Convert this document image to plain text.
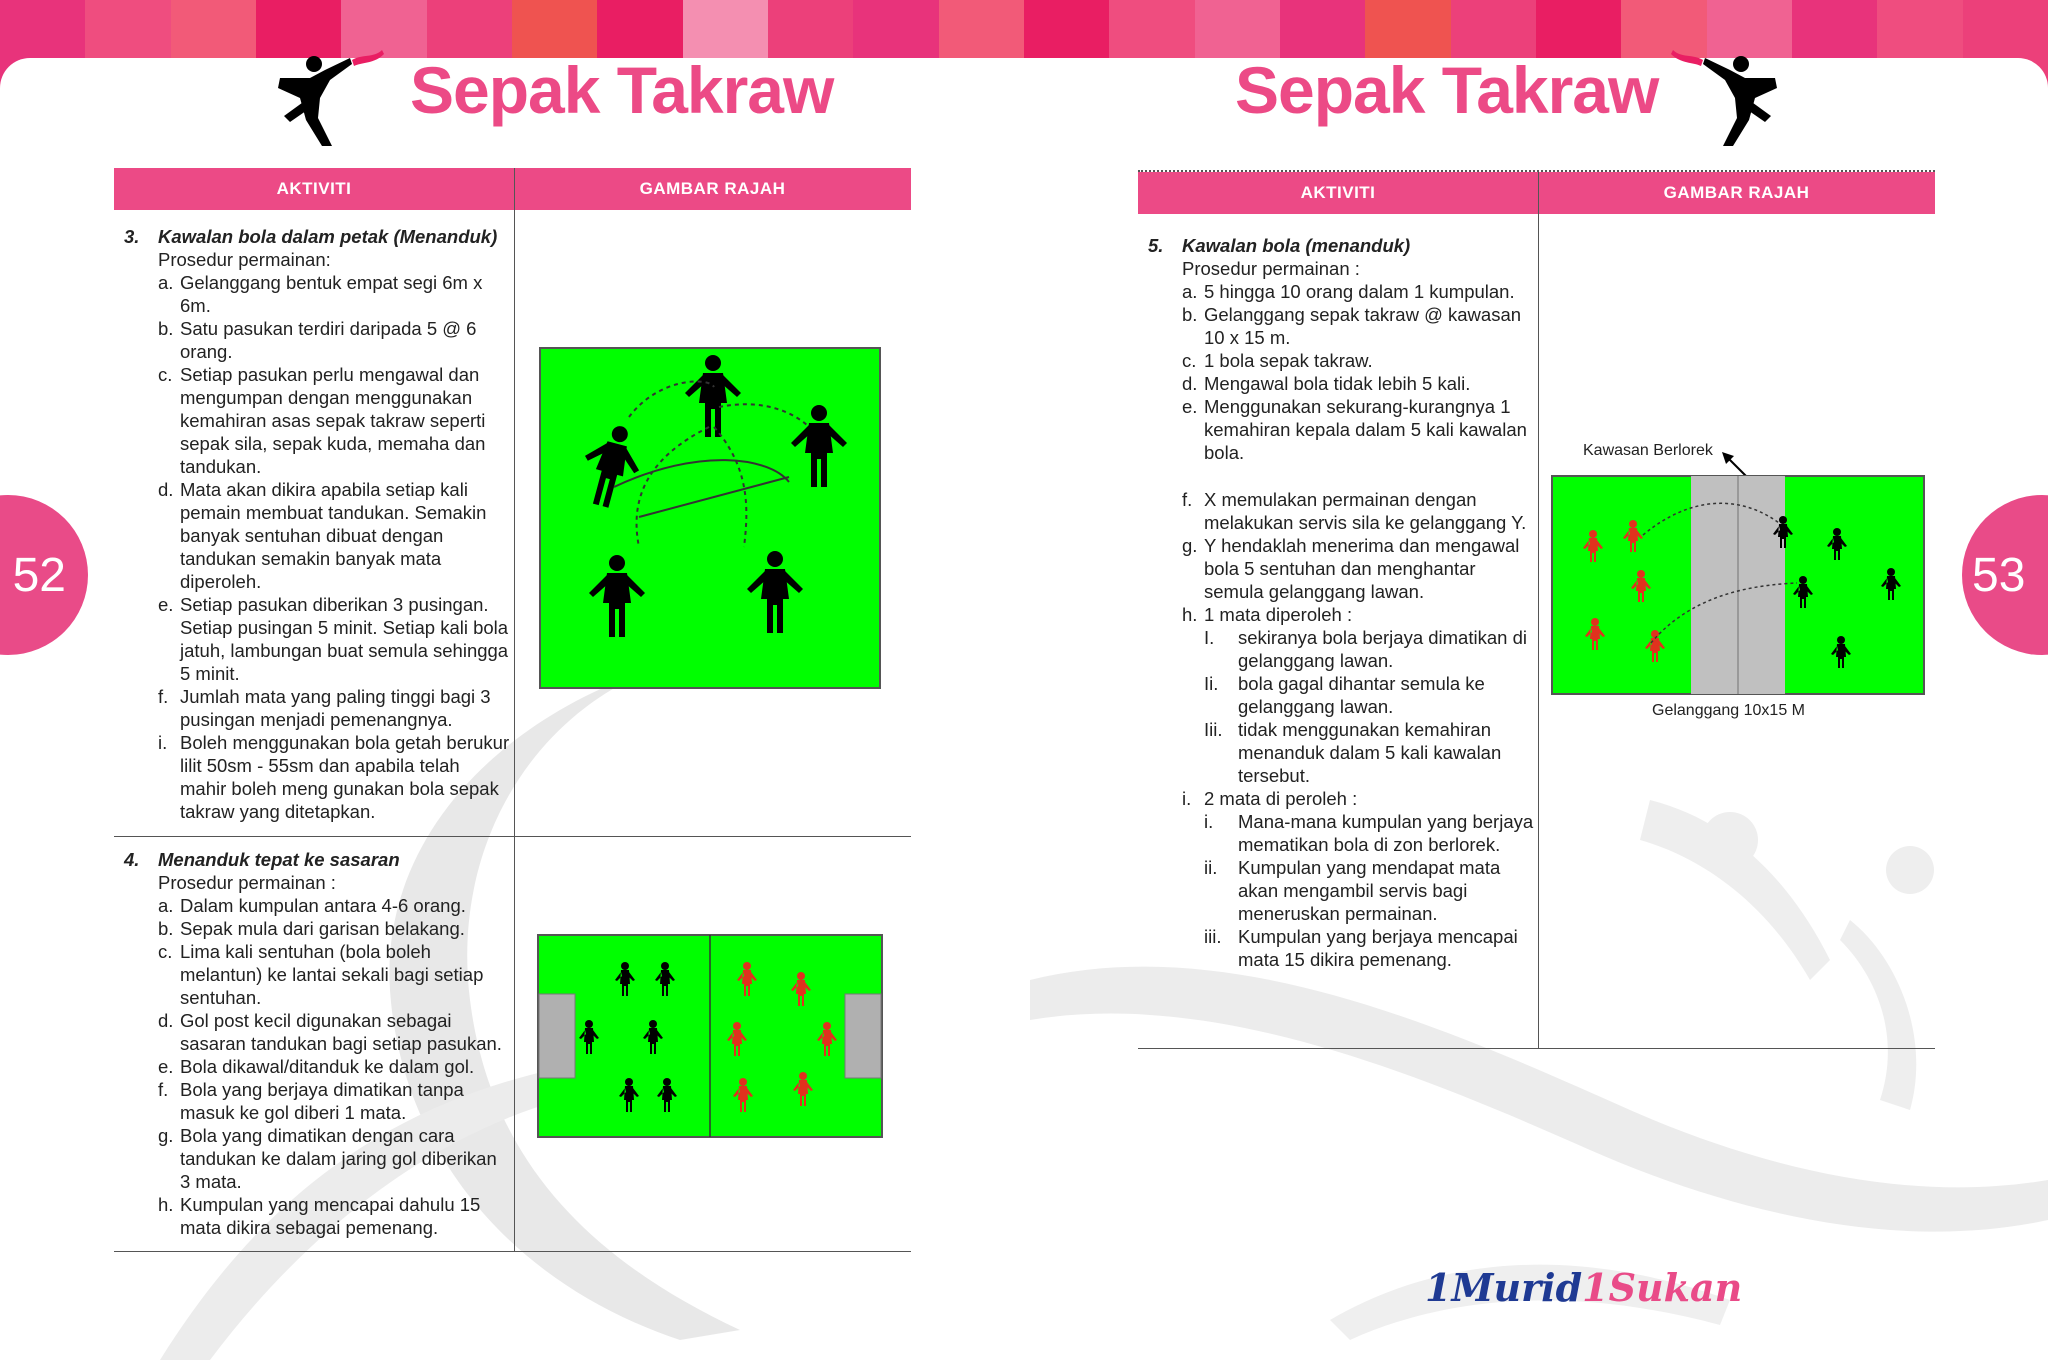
Sepak Takraw	Sepak Takraw
52	53
AKTIVITI	GAMBAR RAJAH
3. Kawalan bola dalam petak (Menanduk)
Prosedur permainan:
a. Gelanggang bentuk empat segi 6m x 6m.
b. Satu pasukan terdiri daripada 5 @ 6 orang.
c. Setiap pasukan perlu mengawal dan mengumpan dengan menggunakan kemahiran asas sepak takraw seperti sepak sila, sepak kuda, memaha dan tandukan.
d. Mata akan dikira apabila setiap kali pemain membuat tandukan. Semakin banyak sentuhan dibuat dengan tandukan semakin banyak mata diperoleh.
e. Setiap pasukan diberikan 3 pusingan. Setiap pusingan 5 minit. Setiap kali bola jatuh, lambungan buat semula sehingga 5 minit.
f. Jumlah mata yang paling tinggi bagi 3 pusingan menjadi pemenangnya.
i. Boleh menggunakan bola getah berukur lilit 50sm - 55sm dan apabila telah mahir boleh meng gunakan bola sepak takraw yang ditetapkan.
4. Menanduk tepat ke sasaran
Prosedur permainan :
a. Dalam kumpulan antara 4-6 orang.
b. Sepak mula dari garisan belakang.
c. Lima kali sentuhan (bola boleh melantun) ke lantai sekali bagi setiap sentuhan.
d. Gol post kecil digunakan sebagai sasaran tandukan bagi setiap pasukan.
e. Bola dikawal/ditanduk ke dalam gol.
f. Bola yang berjaya dimatikan tanpa masuk ke gol diberi 1 mata.
g. Bola yang dimatikan dengan cara tandukan ke dalam jaring gol diberikan 3 mata.
h. Kumpulan yang mencapai dahulu 15 mata dikira sebagai pemenang.
AKTIVITI	GAMBAR RAJAH
5. Kawalan bola (menanduk)
Prosedur permainan :
a. 5 hingga 10 orang dalam 1 kumpulan.
b. Gelanggang sepak takraw @ kawasan 10 x 15 m.
c. 1 bola sepak takraw.
d. Mengawal bola tidak lebih 5 kali.
e. Menggunakan sekurang-kurangnya 1 kemahiran kepala dalam 5 kali kawalan bola.
f. X memulakan permainan dengan melakukan servis sila ke gelanggang Y.
g. Y hendaklah menerima dan mengawal bola 5 sentuhan dan menghantar semula gelanggang lawan.
h. 1 mata diperoleh :
I.	sekiranya bola berjaya dimatikan di gelanggang lawan.
Ii.	bola gagal dihantar semula ke gelanggang lawan.
Iii. tidak menggunakan kemahiran menanduk dalam 5 kali kawalan tersebut.
i. 2 mata di peroleh :
i.	Mana-mana kumpulan yang berjaya mematikan bola di zon berlorek.
ii.	Kumpulan yang mendapat mata akan mengambil servis bagi meneruskan permainan.
iii. Kumpulan yang berjaya mencapai mata 15 dikira pemenang.
Kawasan Berlorek
Gelanggang 10x15 M
1Murid1Sukan
